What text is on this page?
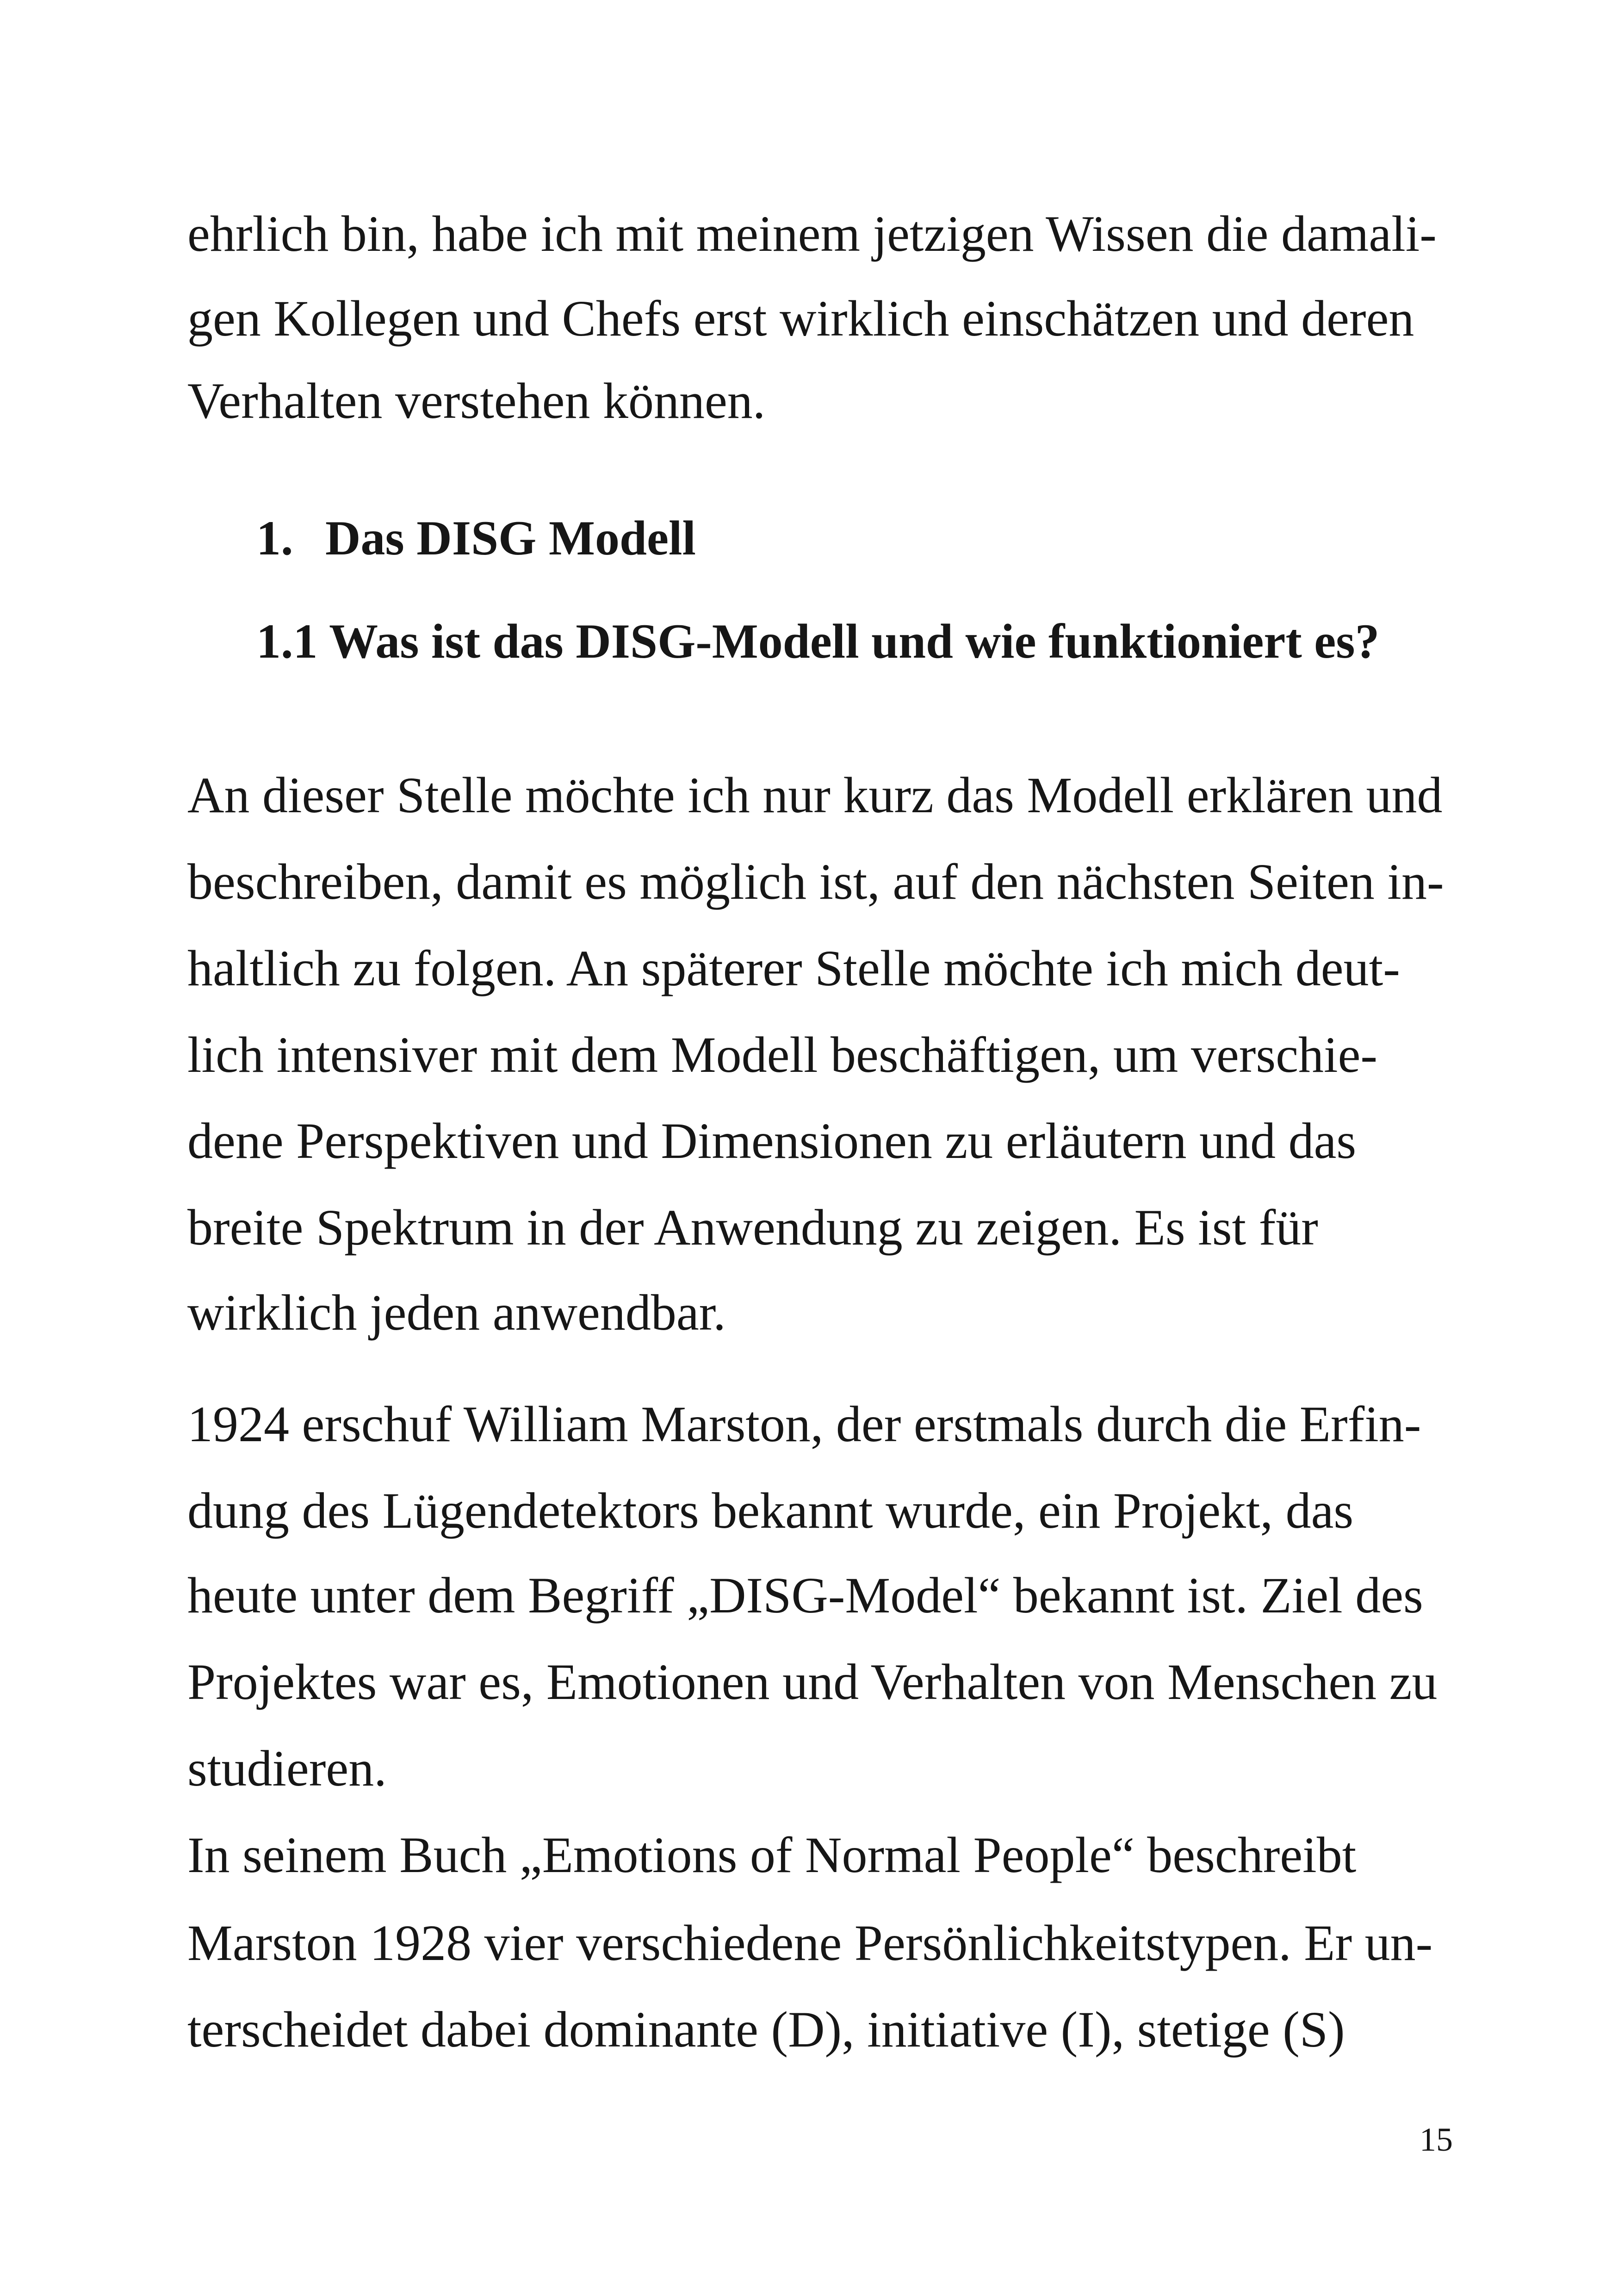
ehrlich bin, habe ich mit meinem jetzigen Wissen die damali-
gen Kollegen und Chefs erst wirklich einschätzen und deren
Verhalten verstehen können.
1. Das DISG Modell
1.1 Was ist das DISG-Modell und wie funktioniert es?
An dieser Stelle möchte ich nur kurz das Modell erklären und
beschreiben, damit es möglich ist, auf den nächsten Seiten in-
haltlich zu folgen. An späterer Stelle möchte ich mich deut-
lich intensiver mit dem Modell beschäftigen, um verschie-
dene Perspektiven und Dimensionen zu erläutern und das
breite Spektrum in der Anwendung zu zeigen. Es ist für
wirklich jeden anwendbar.
1924 erschuf William Marston, der erstmals durch die Erfin-
dung des Lügendetektors bekannt wurde, ein Projekt, das
heute unter dem Begriff „DISG-Model“ bekannt ist. Ziel des
Projektes war es, Emotionen und Verhalten von Menschen zu
studieren.
In seinem Buch „Emotions of Normal People“ beschreibt
Marston 1928 vier verschiedene Persönlichkeitstypen. Er un-
terscheidet dabei dominante (D), initiative (I), stetige (S)
15
